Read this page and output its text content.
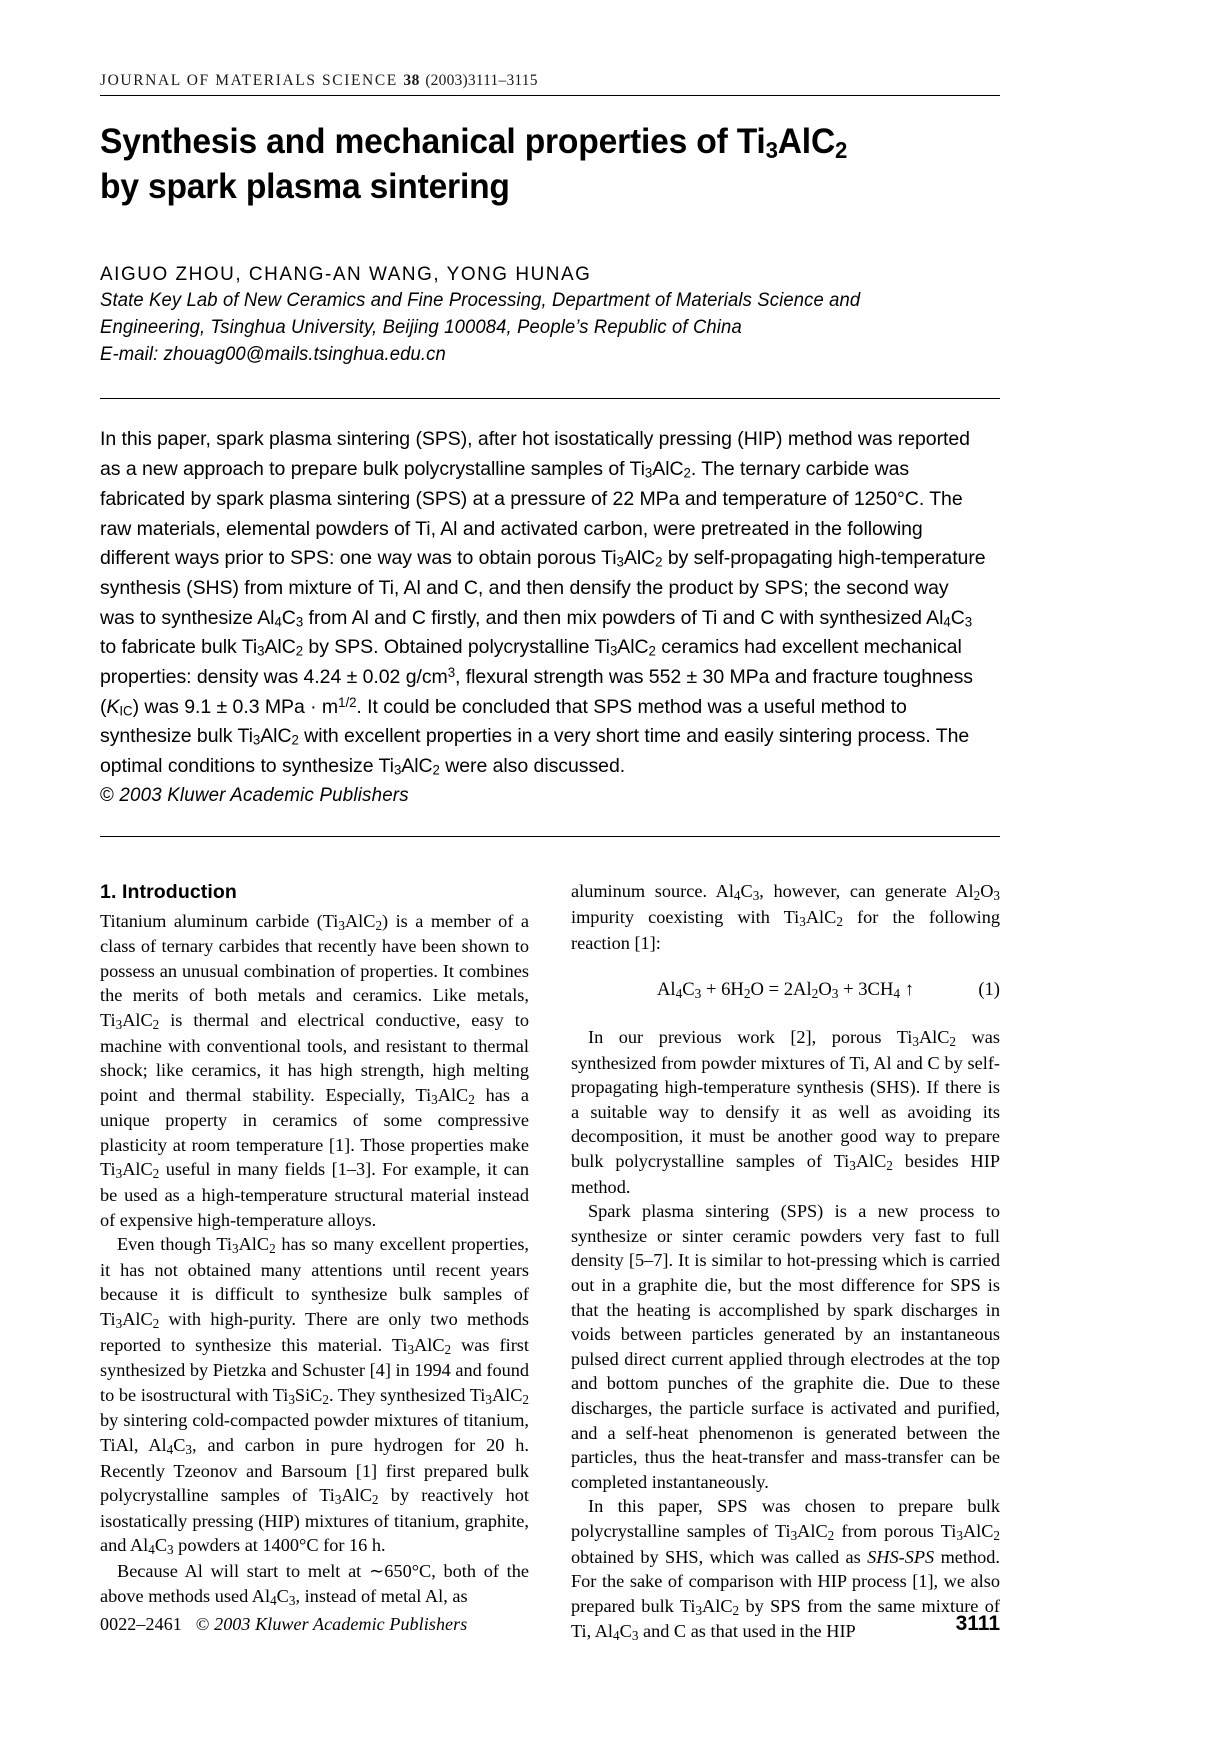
JOURNAL OF MATERIALS SCIENCE 38 (2003)3111–3115
Synthesis and mechanical properties of $Ti_3AlC_2$
by spark plasma sintering
AIGUO ZHOU, CHANG-AN WANG, YONG HUNAG
State Key Lab of New Ceramics and Fine Processing, Department of Materials Science and
Engineering, Tsinghua University, Beijing 100084, People’s Republic of China
E-mail: zhouag00@mails.tsinghua.edu.cn
In this paper, spark plasma sintering (SPS), after hot isostatically pressing (HIP) method was reported as a new approach to prepare bulk polycrystalline samples of $Ti_3AlC_2$. The ternary carbide was fabricated by spark plasma sintering (SPS) at a pressure of 22 MPa and temperature of 1250°C. The raw materials, elemental powders of Ti, Al and activated carbon, were pretreated in the following different ways prior to SPS: one way was to obtain porous $Ti_3AlC_2$ by self-propagating high-temperature synthesis (SHS) from mixture of Ti, Al and C, and then densify the product by SPS; the second way was to synthesize $Al_4C_3$ from Al and C firstly, and then mix powders of Ti and C with synthesized $Al_4C_3$ to fabricate bulk $Ti_3AlC_2$ by SPS. Obtained polycrystalline $Ti_3AlC_2$ ceramics had excellent mechanical properties: density was 4.24 ± 0.02 $g/cm^3$, flexural strength was 552 ± 30 MPa and fracture toughness $(K_{IC})$ was 9.1 ± 0.3 MPa · $m^{1/2}$. It could be concluded that SPS method was a useful method to synthesize bulk $Ti_3AlC_2$ with excellent properties in a very short time and easily sintering process. The optimal conditions to synthesize $Ti_3AlC_2$ were also discussed.
© 2003 Kluwer Academic Publishers
1. Introduction

Titanium aluminum carbide $(Ti_3AlC_2)$ is a member of a class of ternary carbides that recently have been shown to possess an unusual combination of properties. It combines the merits of both metals and ceramics. Like metals, $Ti_3AlC_2$ is thermal and electrical conductive, easy to machine with conventional tools, and resistant to thermal shock; like ceramics, it has high strength, high melting point and thermal stability. Especially, $Ti_3AlC_2$ has a unique property in ceramics of some compressive plasticity at room temperature [1]. Those properties make $Ti_3AlC_2$ useful in many fields [1–3]. For example, it can be used as a high-temperature structural material instead of expensive high-temperature alloys.

Even though $Ti_3AlC_2$ has so many excellent properties, it has not obtained many attentions until recent years because it is difficult to synthesize bulk samples of $Ti_3AlC_2$ with high-purity. There are only two methods reported to synthesize this material. $Ti_3AlC_2$ was first synthesized by Pietzka and Schuster [4] in 1994 and found to be isostructural with $Ti_3SiC_2$. They synthesized $Ti_3AlC_2$ by sintering cold-compacted powder mixtures of titanium, TiAl, $Al_4C_3$, and carbon in pure hydrogen for 20 h. Recently Tzeonov and Barsoum [1] first prepared bulk polycrystalline samples of $Ti_3AlC_2$ by reactively hot isostatically pressing (HIP) mixtures of titanium, graphite, and $Al_4C_3$ powders at 1400°C for 16 h.

Because Al will start to melt at ∼650°C, both of the above methods used $Al_4C_3$, instead of metal Al, as

aluminum source. $Al_4C_3$, however, can generate $Al_2O_3$ impurity coexisting with $Ti_3AlC_2$ for the following reaction [1]:

$Al_4C_3 + 6H_2O = 2Al_2O_3 + 3CH_4$ ↑	(1)

In our previous work [2], porous $Ti_3AlC_2$ was synthesized from powder mixtures of Ti, Al and C by self-propagating high-temperature synthesis (SHS). If there is a suitable way to densify it as well as avoiding its decomposition, it must be another good way to prepare bulk polycrystalline samples of $Ti_3AlC_2$ besides HIP method.

Spark plasma sintering (SPS) is a new process to synthesize or sinter ceramic powders very fast to full density [5–7]. It is similar to hot-pressing which is carried out in a graphite die, but the most difference for SPS is that the heating is accomplished by spark discharges in voids between particles generated by an instantaneous pulsed direct current applied through electrodes at the top and bottom punches of the graphite die. Due to these discharges, the particle surface is activated and purified, and a self-heat phenomenon is generated between the particles, thus the heat-transfer and mass-transfer can be completed instantaneously.

In this paper, SPS was chosen to prepare bulk polycrystalline samples of $Ti_3AlC_2$ from porous $Ti_3AlC_2$ obtained by SHS, which was called as SHS-SPS method. For the sake of comparison with HIP process [1], we also prepared bulk $Ti_3AlC_2$ by SPS from the same mixture of Ti, $Al_4C_3$ and C as that used in the HIP

0022–2461 © 2003 Kluwer Academic Publishers	3111
